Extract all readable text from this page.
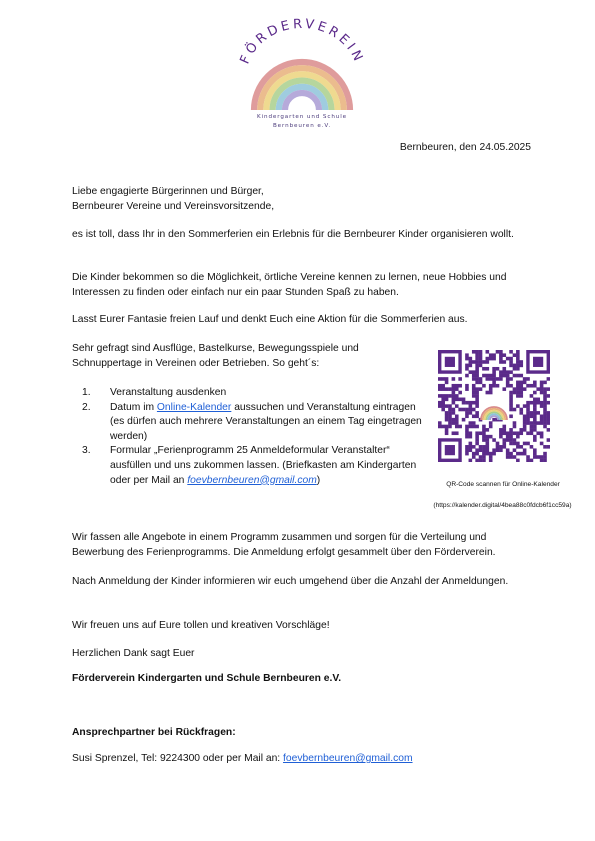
FÖRDERVEREIN
Kindergarten und Schule
Bernbeuren e.V.
Bernbeuren, den 24.05.2025

Liebe engagierte Bürgerinnen und Bürger,

Bernbeurer Vereine und Vereinsvorsitzende,

es ist toll, dass Ihr in den Sommerferien ein Erlebnis für die Bernbeurer Kinder organisieren wollt.

Die Kinder bekommen so die Möglichkeit, örtliche Vereine kennen zu lernen, neue Hobbies und Interessen zu finden oder einfach nur ein paar Stunden Spaß zu haben.

Lasst Eurer Fantasie freien Lauf und denkt Euch eine Aktion für die Sommerferien aus.

Sehr gefragt sind Ausflüge, Bastelkurse, Bewegungsspiele und Schnuppertage in Vereinen oder Betrieben. So geht´s:

1.	Veranstaltung ausdenken
2.	Datum im Online-Kalender aussuchen und Veranstaltung eintragen (es dürfen auch mehrere Veranstaltungen an einem Tag eingetragen werden)
3.	Formular „Ferienprogramm 25 Anmeldeformular Veranstalter“ ausfüllen und uns zukommen lassen. (Briefkasten am Kindergarten oder per Mail an foevbernbeuren@gmail.com)	QR-Code scannen für Online-Kalender
(https://kalender.digital/4bea88c0fdcb6f1cc59a)

Wir fassen alle Angebote in einem Programm zusammen und sorgen für die Verteilung und Bewerbung des Ferienprogramms. Die Anmeldung erfolgt gesammelt über den Förderverein.

Nach Anmeldung der Kinder informieren wir euch umgehend über die Anzahl der Anmeldungen.

Wir freuen uns auf Eure tollen und kreativen Vorschläge!

Herzlichen Dank sagt Euer

Förderverein Kindergarten und Schule Bernbeuren e.V.

Ansprechpartner bei Rückfragen:

Susi Sprenzel, Tel: 9224300 oder per Mail an: foevbernbeuren@gmail.com
